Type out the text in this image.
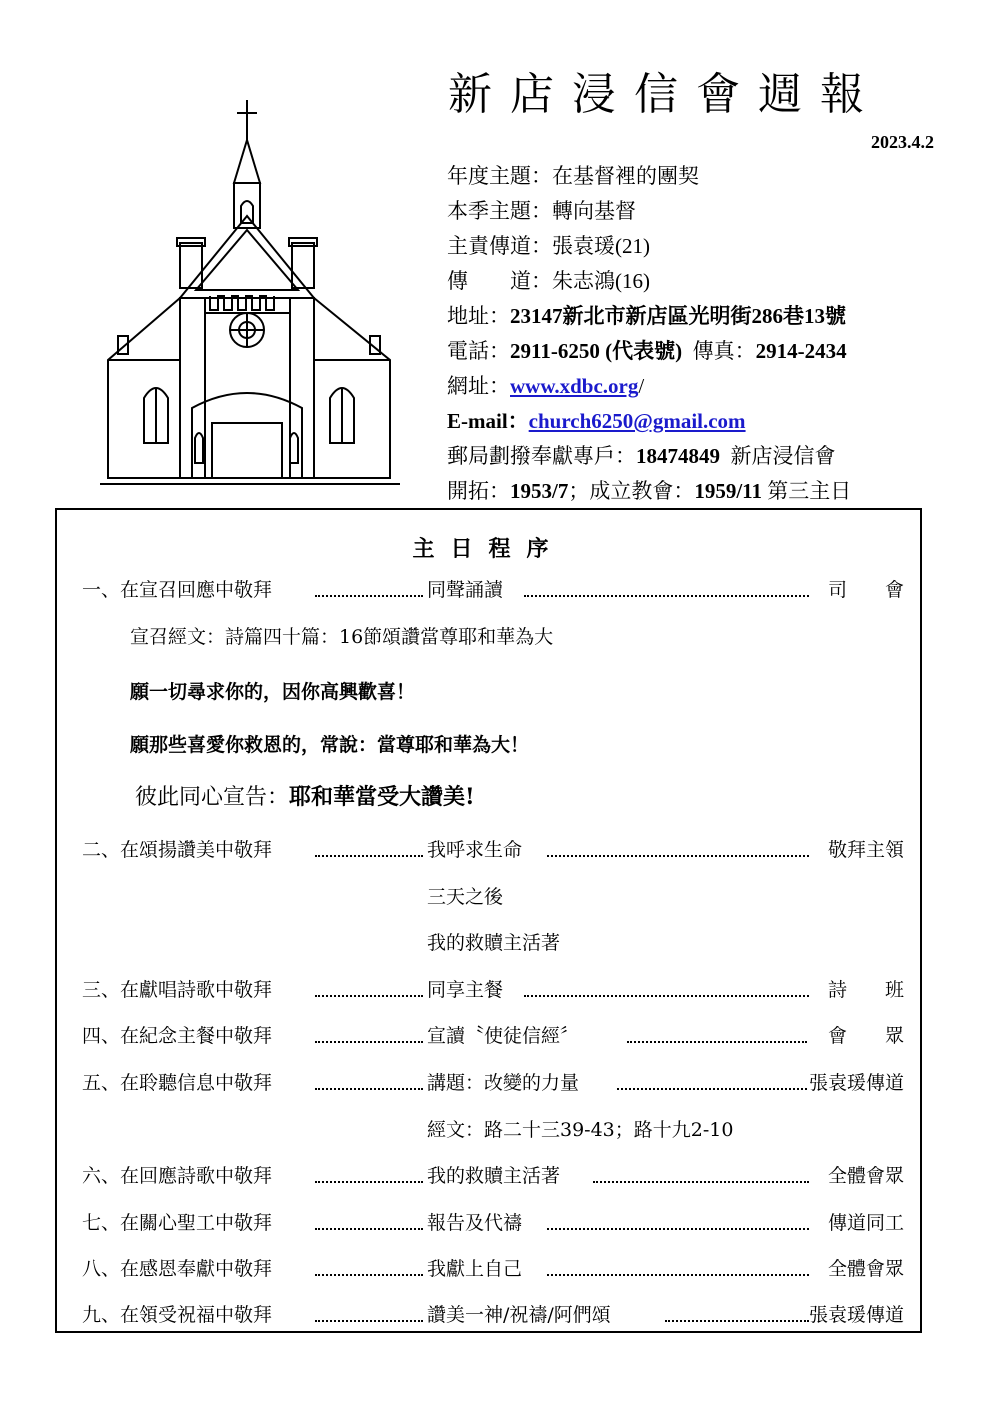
新店浸信會週報
2023.4.2
年度主題：在基督裡的團契
本季主題：轉向基督
主責傳道：張袁瑗(21)
傳　　道：朱志鴻(16)
地址：23147新北市新店區光明街286巷13號
電話：2911-6250 (代表號) 傳真：2914-2434
網址：www.xdbc.org/
E-mail：church6250@gmail.com
郵局劃撥奉獻專戶：18474849 新店浸信會
開拓：1953/7；成立教會：1959/11 第三主日
主日程序
一、在宣召回應中敬拜	同聲誦讀	司　　會
宣召經文：詩篇四十篇：16節頌讚當尊耶和華為大
願一切尋求你的，因你高興歡喜！
願那些喜愛你救恩的，常說：當尊耶和華為大！
彼此同心宣告：耶和華當受大讚美!
二、在頌揚讚美中敬拜	我呼求生命	敬拜主領
三天之後
我的救贖主活著
三、在獻唱詩歌中敬拜	同享主餐	詩　　班
四、在紀念主餐中敬拜	宣讀〝使徒信經〞	會　　眾
五、在聆聽信息中敬拜	講題：改變的力量	張袁瑗傳道
經文：路二十三39-43；路十九2-10
六、在回應詩歌中敬拜	我的救贖主活著	全體會眾
七、在關心聖工中敬拜	報告及代禱	傳道同工
八、在感恩奉獻中敬拜	我獻上自己	全體會眾
九、在領受祝福中敬拜	讚美一神/祝禱/阿們頌	張袁瑗傳道
